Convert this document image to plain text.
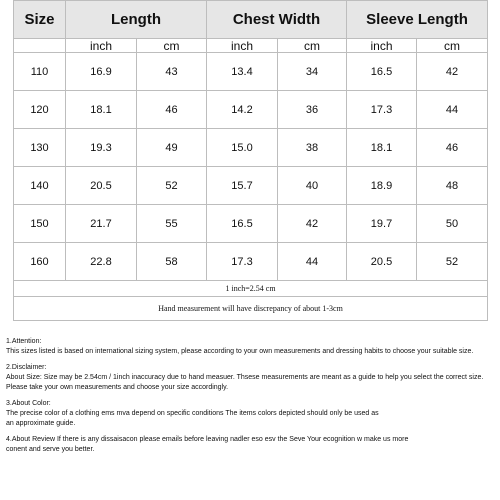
Size	Length		Chest Width		Sleeve Length	
	inch	cm	inch	cm	inch	cm
110	16.9	43	13.4	34	16.5	42
120	18.1	46	14.2	36	17.3	44
130	19.3	49	15.0	38	18.1	46
140	20.5	52	15.7	40	18.9	48
150	21.7	55	16.5	42	19.7	50
160	22.8	58	17.3	44	20.5	52
1 inch=2.54 cm						
Hand measurement will have discrepancy of about 1-3cm						

1.Attention:

This sizes listed is based on international sizing system, please according to your own measurements and dressing habits to choose your suitable size.

2.Disclaimer:

About Size: Size may be 2.54cm / 1inch inaccuracy due to hand measuer. Thsese measurements are meant as a guide to help you select the correct size.

Please take your own measurements and choose your size accordingly.

3.About Color:

The precise color of a clothing ems mva depend on specific conditions The items colors depicted should only be used as

an approximate guide.

4.About Review If there is any dissaisacon please emails before leaving nadler eso esv the Seve Your ecognition w make us more

conent and serve you better.
